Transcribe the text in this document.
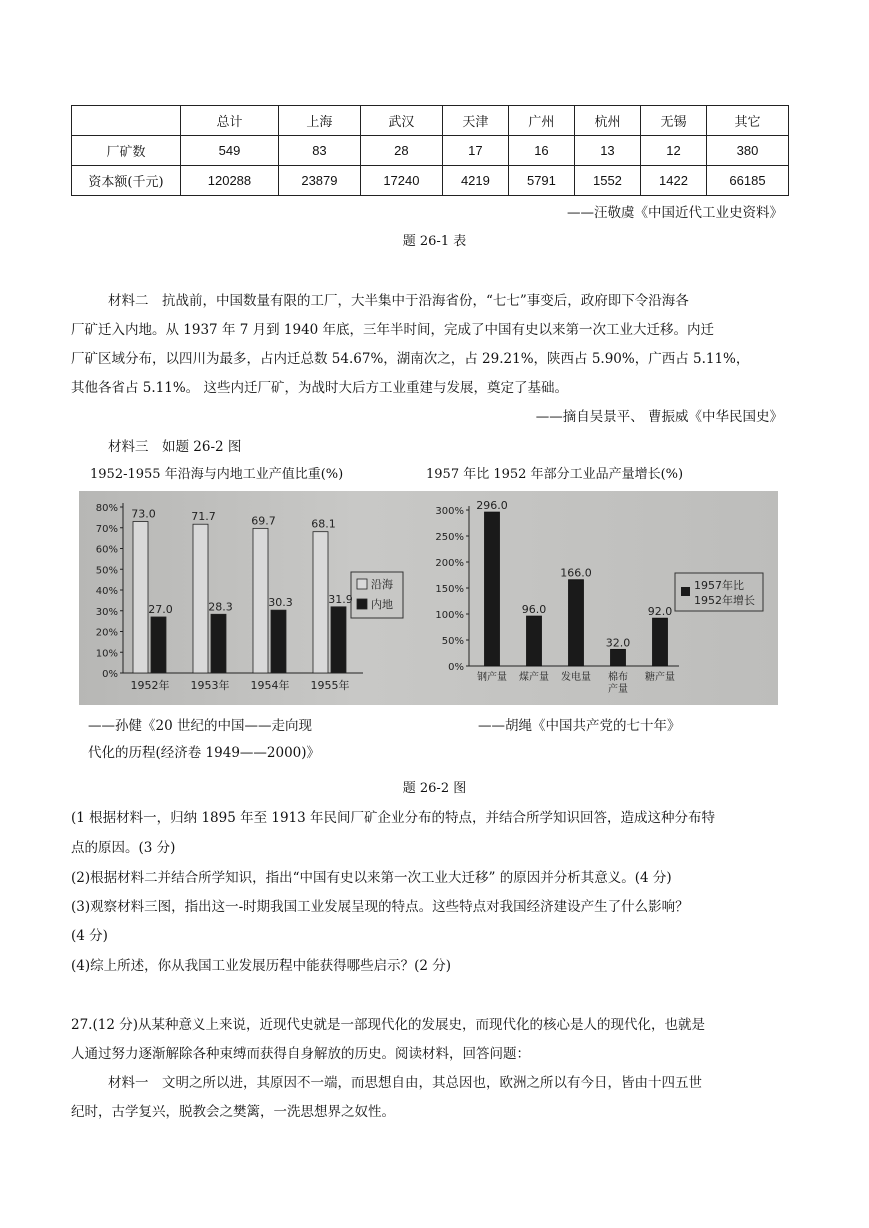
	总计	上海	武汉	天津	广州	杭州	无锡	其它
厂矿数	549	83	28	17	16	13	12	380
资本额(千元)	120288	23879	17240	4219	5791	1552	1422	66185
——汪敬虞《中国近代工业史资料》
题 26-1 表
材料二　抗战前，中国数量有限的工厂，大半集中于沿海省份，“七七”事变后，政府即下令沿海各
厂矿迁入内地。从 1937 年 7 月到 1940 年底，三年半时间，完成了中国有史以来第一次工业大迁移。内迁
厂矿区域分布，以四川为最多，占内迁总数 54.67%，湖南次之，占 29.21%，陕西占 5.90%，广西占 5.11%，
其他各省占 5.11%。 这些内迁厂矿，为战时大后方工业重建与发展，奠定了基础。
——摘自吴景平、 曹振威《中华民国史》
材料三　如题 26-2 图
1952-1955 年沿海与内地工业产值比重(%)	1957 年比 1952 年部分工业品产量增长(%)
0%
10%
20%
30%
40%
50%
60%
70%
80% 73.0
27.0
1952年
71.7
28.3
1953年
69.7
30.3
1954年
68.1
31.9
1955年
沿海
内地
0%
50%
100%
150%
200%
250%
300% 296.0
钢产量
96.0
煤产量
166.0
发电量
32.0
棉布
产量
92.0
糖产量
1957年比
1952年增长
——孙健《20 世纪的中国——走向现
代化的历程(经济卷 1949——2000)》
——胡绳《中国共产党的七十年》
题 26-2 图
(1 根据材料一，归纳 1895 年至 1913 年民间厂矿企业分布的特点，并结合所学知识回答，造成这种分布特
点的原因。(3 分)
(2)根据材料二并结合所学知识，指出“中国有史以来第一次工业大迁移” 的原因并分析其意义。(4 分)
(3)观察材料三图，指出这一-时期我国工业发展呈现的特点。这些特点对我国经济建设产生了什么影响？
(4 分)
(4)综上所述，你从我国工业发展历程中能获得哪些启示？(2 分)
27.(12 分)从某种意义上来说，近现代史就是一部现代化的发展史，而现代化的核心是人的现代化，也就是
人通过努力逐渐解除各种束缚而获得自身解放的历史。阅读材料，回答问题：
材料一　文明之所以进，其原因不一端，而思想自由，其总因也，欧洲之所以有今日，皆由十四五世
纪时，古学复兴，脱教会之樊篱，一洗思想界之奴性。
